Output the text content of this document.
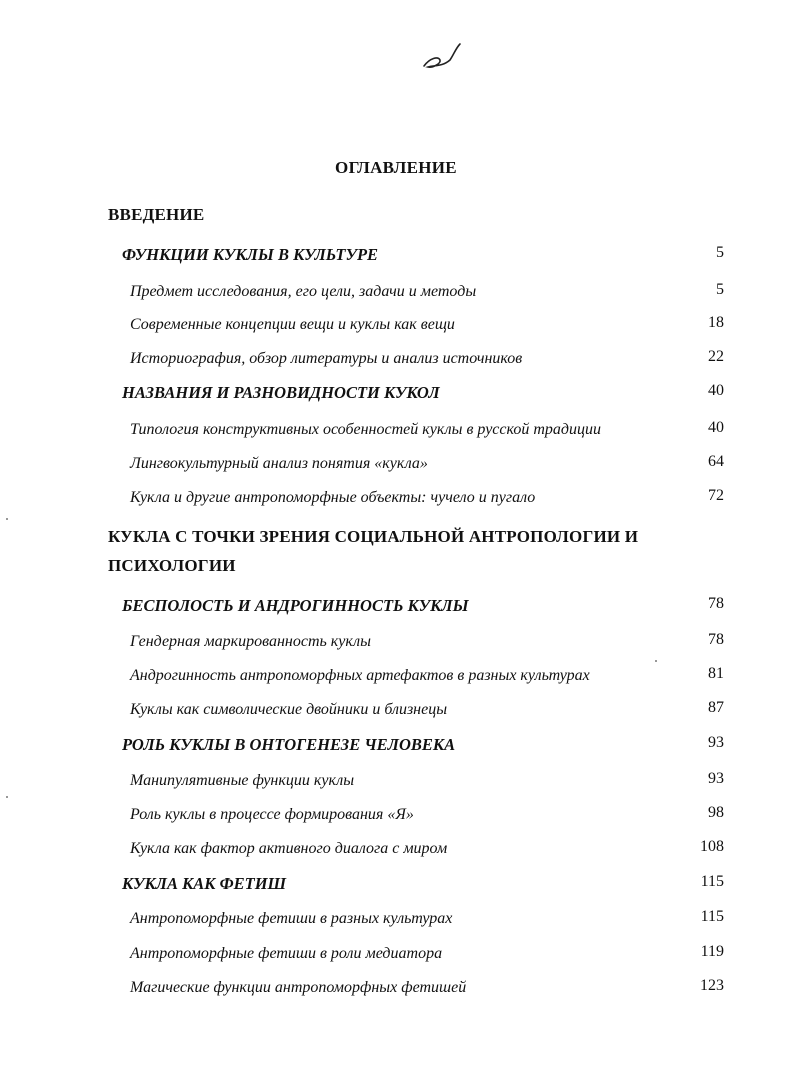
ОГЛАВЛЕНИЕ
ВВЕДЕНИЕ
ФУНКЦИИ КУКЛЫ В КУЛЬТУРЕ	5
Предмет исследования, его цели, задачи и методы	5
Современные концепции вещи и куклы как вещи	18
Историография, обзор литературы и анализ источников	22
НАЗВАНИЯ И РАЗНОВИДНОСТИ КУКОЛ	40
Типология конструктивных особенностей куклы в русской традиции	40
Лингвокультурный анализ понятия «кукла»	64
Кукла и другие антропоморфные объекты: чучело и пугало	72
КУКЛА С ТОЧКИ ЗРЕНИЯ СОЦИАЛЬНОЙ АНТРОПОЛОГИИ И
ПСИХОЛОГИИ
БЕСПОЛОСТЬ И АНДРОГИННОСТЬ КУКЛЫ	78
Гендерная маркированность куклы	78
Андрогинность антропоморфных артефактов в разных культурах	81
Куклы как символические двойники и близнецы	87
РОЛЬ КУКЛЫ В ОНТОГЕНЕЗЕ ЧЕЛОВЕКА	93
Манипулятивные функции куклы	93
Роль куклы в процессе формирования «Я»	98
Кукла как фактор активного диалога с миром	108
КУКЛА КАК ФЕТИШ	115
Антропоморфные фетиши в разных культурах	115
Антропоморфные фетиши в роли медиатора	119
Магические функции антропоморфных фетишей	123
